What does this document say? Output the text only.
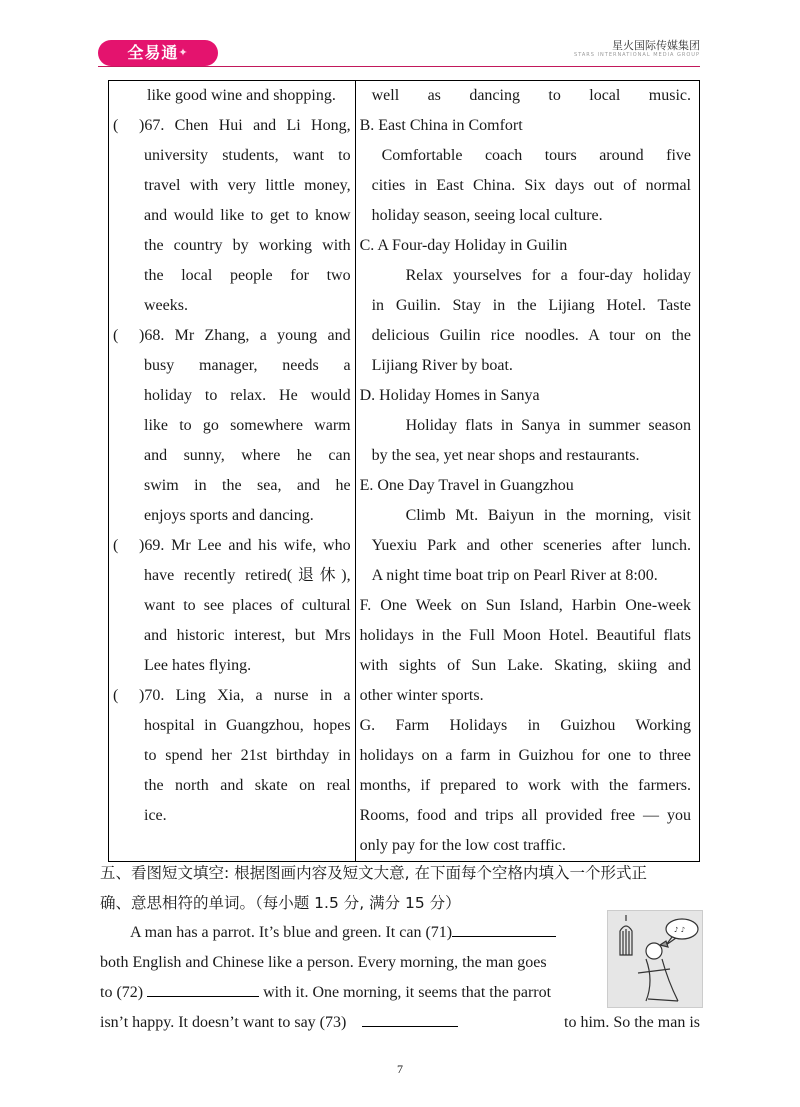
全易通✦
星火国际传媒集团
STARS INTERNATIONAL MEDIA GROUP
like good wine and shopping.
( )67. Chen Hui and Li Hong,
university students, want to
travel with very little money,
and would like to get to know
the country by working with
the local people for two
weeks.
( )68. Mr Zhang, a young and
busy manager, needs a
holiday to relax. He would
like to go somewhere warm
and sunny, where he can
swim in the sea, and he
enjoys sports and dancing.
( )69. Mr Lee and his wife, who
have recently retired(退休),
want to see places of cultural
and historic interest, but Mrs
Lee hates flying.
( )70. Ling Xia, a nurse in a
hospital in Guangzhou, hopes
to spend her 21st birthday in
the north and skate on real
ice.

well as dancing to local music.
B. East China in Comfort
Comfortable coach tours around five
cities in East China. Six days out of normal
holiday season, seeing local culture.
C. A Four-day Holiday in Guilin
Relax yourselves for a four-day holiday
in Guilin. Stay in the Lijiang Hotel. Taste
delicious Guilin rice noodles. A tour on the
Lijiang River by boat.
D. Holiday Homes in Sanya
Holiday flats in Sanya in summer season
by the sea, yet near shops and restaurants.
E. One Day Travel in Guangzhou
Climb Mt. Baiyun in the morning, visit
Yuexiu Park and other sceneries after lunch.
A night time boat trip on Pearl River at 8:00.
F. One Week on Sun Island, Harbin One-week
holidays in the Full Moon Hotel. Beautiful flats
with sights of Sun Lake. Skating, skiing and
other winter sports.
G. Farm Holidays in Guizhou Working
holidays on a farm in Guizhou for one to three
months, if prepared to work with the farmers.
Rooms, food and trips all provided free — you
only pay for the low cost traffic.
五、看图短文填空: 根据图画内容及短文大意, 在下面每个空格内填入一个形式正
确、意思相符的单词。（每小题 1.5 分, 满分 15 分）
A man has a parrot. It’s blue and green. It can (71)
both English and Chinese like a person. Every morning, the man goes
to (72)	with it. One morning, it seems that the parrot
isn’t happy. It doesn’t want to say (73)	to him. So the man is
♪ ♪
7
